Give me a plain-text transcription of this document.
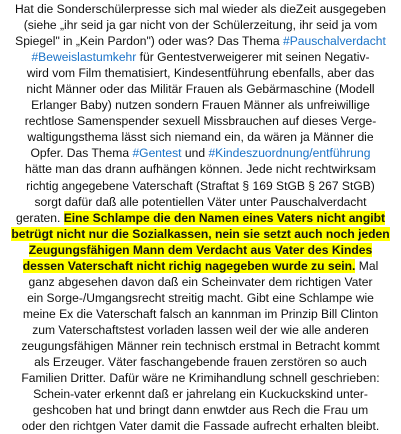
Hat die Sonderschülerpresse sich mal wieder als dieZeit ausgegeben
(siehe „ihr seid ja gar nicht von der Schülerzeitung, ihr seid ja vom
Spiegel" in „Kein Pardon") oder was? Das Thema #Pauschalverdacht
#Beweislastumkehr für Gentestverweigerer mit seinen Negativ-
wird vom Film thematisiert, Kindesentführung ebenfalls, aber das
nicht Männer oder das Militär Frauen als Gebärmaschine (Modell
Erlanger Baby) nutzen sondern Frauen Männer als unfreiwillige
rechtlose Samenspender sexuell Missbrauchen auf dieses Verge-
waltigungsthema lässt sich niemand ein, da wären ja Männer die
Opfer. Das Thema #Gentest und #Kindeszuordnung/entführung
hätte man das drann aufhängen können. Jede nicht rechtwirksam
richtig angegebene Vaterschaft (Straftat § 169 StGB § 267 StGB)
sorgt dafür daß alle potentiellen Väter unter Pauschalverdacht
geraten. Eine Schlampe die den Namen eines Vaters nicht angibt
betrügt nicht nur die Sozialkassen, nein sie setzt auch noch jeden
Zeugungsfähigen Mann dem Verdacht aus Vater des Kindes
dessen Vaterschaft nicht richig nagegeben wurde zu sein. Mal
ganz abgesehen davon daß ein Scheinvater dem richtigen Vater
ein Sorge-/Umgangsrecht streitig macht. Gibt eine Schlampe wie
meine Ex die Vaterschaft falsch an kannman im Prinzip Bill Clinton
zum Vaterschaftstest vorladen lassen weil der wie alle anderen
zeugungsfähigen Männer rein technisch erstmal in Betracht kommt
als Erzeuger. Väter faschangebende frauen zerstören so auch
Familien Dritter. Dafür wäre ne Krimihandlung schnell geschrieben:
Schein-vater erkennt daß er jahrelang ein Kuckuckskind unter-
geshcoben hat und bringt dann enwtder aus Rech die Frau um
oder den richtgen Vater damit die Fassade aufrecht erhalten bleibt.
